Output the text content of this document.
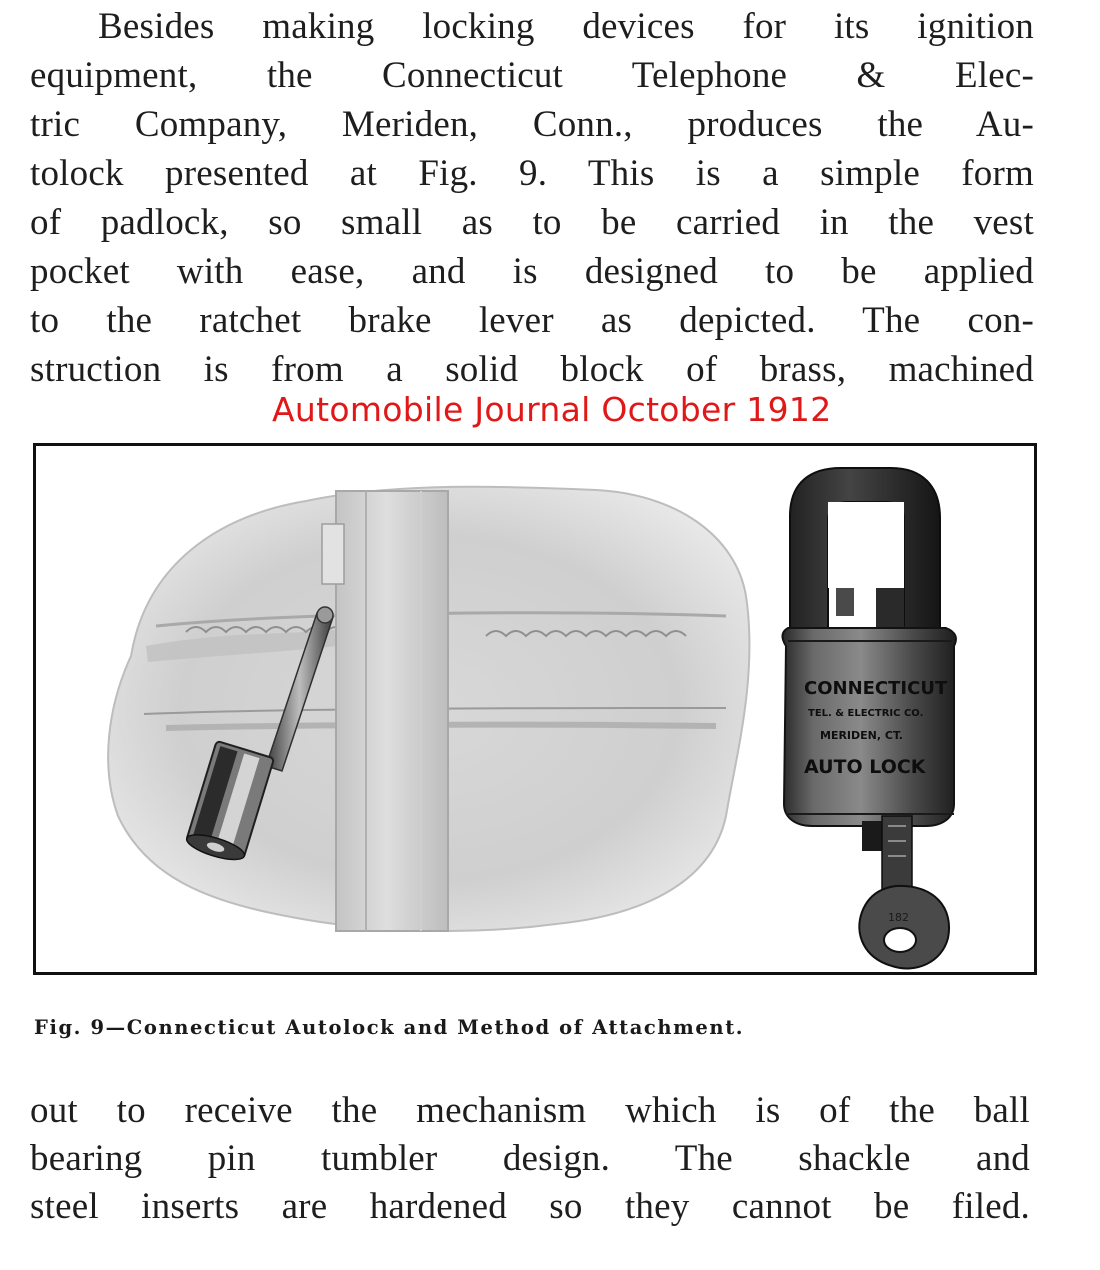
Besides making locking devices for its ignition
equipment, the Connecticut Telephone & Elec-
tric Company, Meriden, Conn., produces the Au-
tolock presented at Fig. 9. This is a simple form
of padlock, so small as to be carried in the vest
pocket with ease, and is designed to be applied
to the ratchet brake lever as depicted. The con-
struction is from a solid block of brass, machined
Automobile Journal October 1912
CONNECTICUT
TEL. & ELECTRIC CO.
MERIDEN, CT.
AUTO LOCK
182
Fig. 9—Connecticut Autolock and Method of Attachment.
out to receive the mechanism which is of the ball
bearing pin tumbler design. The shackle and
steel inserts are hardened so they cannot be filed.
